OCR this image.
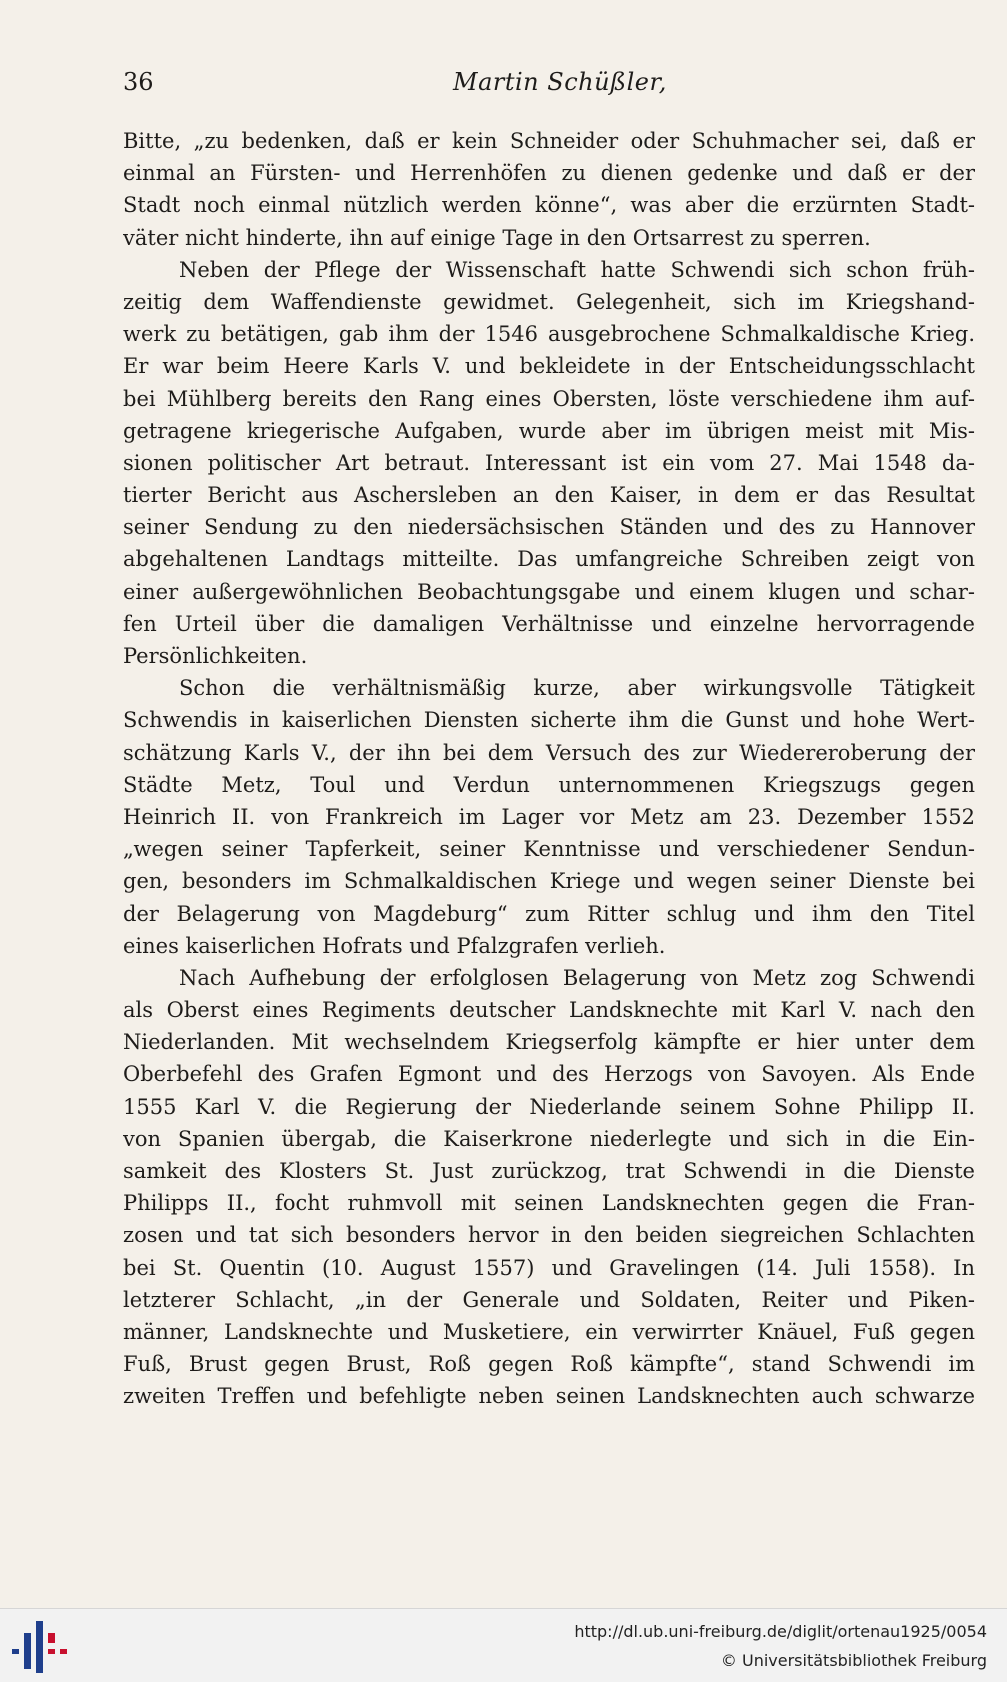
36	Martin Schüßler,
Bitte, „zu bedenken, daß er kein Schneider oder Schuhmacher sei, daß er
einmal an Fürsten- und Herrenhöfen zu dienen gedenke und daß er der
Stadt noch einmal nützlich werden könne“, was aber die erzürnten Stadt-
väter nicht hinderte, ihn auf einige Tage in den Ortsarrest zu sperren.
Neben der Pflege der Wissenschaft hatte Schwendi sich schon früh-
zeitig dem Waffendienste gewidmet. Gelegenheit, sich im Kriegshand-
werk zu betätigen, gab ihm der 1546 ausgebrochene Schmalkaldische Krieg.
Er war beim Heere Karls V. und bekleidete in der Entscheidungsschlacht
bei Mühlberg bereits den Rang eines Obersten, löste verschiedene ihm auf-
getragene kriegerische Aufgaben, wurde aber im übrigen meist mit Mis-
sionen politischer Art betraut. Interessant ist ein vom 27. Mai 1548 da-
tierter Bericht aus Aschersleben an den Kaiser, in dem er das Resultat
seiner Sendung zu den niedersächsischen Ständen und des zu Hannover
abgehaltenen Landtags mitteilte. Das umfangreiche Schreiben zeigt von
einer außergewöhnlichen Beobachtungsgabe und einem klugen und schar-
fen Urteil über die damaligen Verhältnisse und einzelne hervorragende
Persönlichkeiten.
Schon die verhältnismäßig kurze, aber wirkungsvolle Tätigkeit
Schwendis in kaiserlichen Diensten sicherte ihm die Gunst und hohe Wert-
schätzung Karls V., der ihn bei dem Versuch des zur Wiedereroberung der
Städte Metz, Toul und Verdun unternommenen Kriegszugs gegen
Heinrich II. von Frankreich im Lager vor Metz am 23. Dezember 1552
„wegen seiner Tapferkeit, seiner Kenntnisse und verschiedener Sendun-
gen, besonders im Schmalkaldischen Kriege und wegen seiner Dienste bei
der Belagerung von Magdeburg“ zum Ritter schlug und ihm den Titel
eines kaiserlichen Hofrats und Pfalzgrafen verlieh.
Nach Aufhebung der erfolglosen Belagerung von Metz zog Schwendi
als Oberst eines Regiments deutscher Landsknechte mit Karl V. nach den
Niederlanden. Mit wechselndem Kriegserfolg kämpfte er hier unter dem
Oberbefehl des Grafen Egmont und des Herzogs von Savoyen. Als Ende
1555 Karl V. die Regierung der Niederlande seinem Sohne Philipp II.
von Spanien übergab, die Kaiserkrone niederlegte und sich in die Ein-
samkeit des Klosters St. Just zurückzog, trat Schwendi in die Dienste
Philipps II., focht ruhmvoll mit seinen Landsknechten gegen die Fran-
zosen und tat sich besonders hervor in den beiden siegreichen Schlachten
bei St. Quentin (10. August 1557) und Gravelingen (14. Juli 1558). In
letzterer Schlacht, „in der Generale und Soldaten, Reiter und Piken-
männer, Landsknechte und Musketiere, ein verwirrter Knäuel, Fuß gegen
Fuß, Brust gegen Brust, Roß gegen Roß kämpfte“, stand Schwendi im
zweiten Treffen und befehligte neben seinen Landsknechten auch schwarze
http://dl.ub.uni-freiburg.de/diglit/ortenau1925/0054
© Universitätsbibliothek Freiburg
